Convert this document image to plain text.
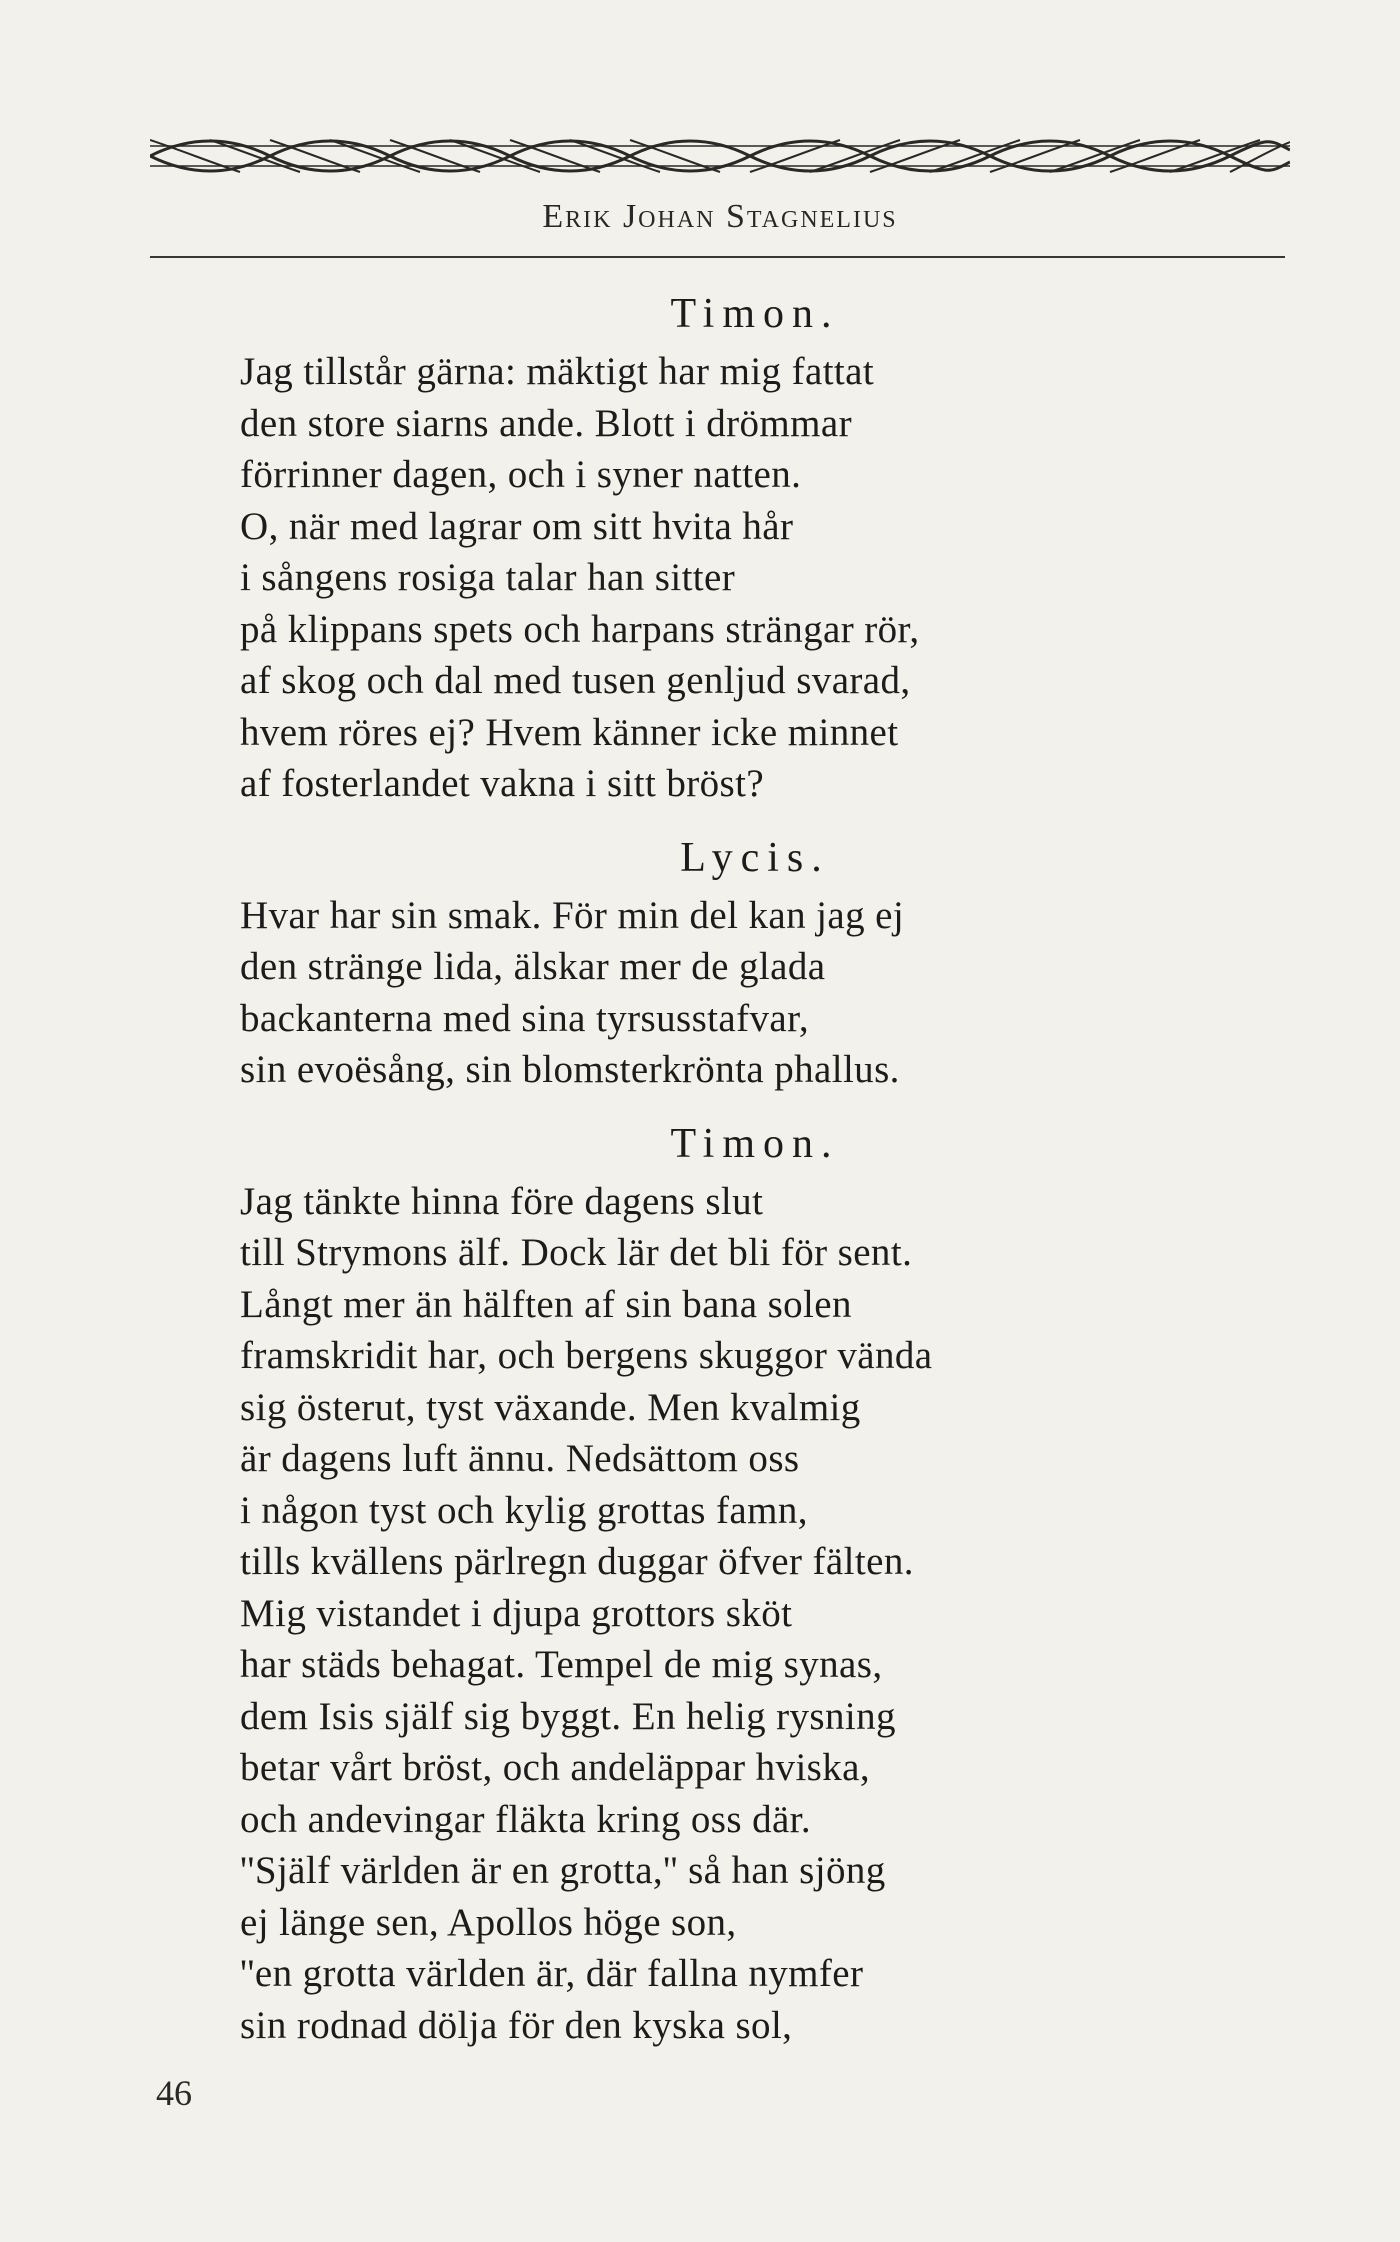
Erik Johan Stagnelius
Timon.
Jag tillstår gärna: mäktigt har mig fattat
den store siarns ande. Blott i drömmar
förrinner dagen, och i syner natten.
O, när med lagrar om sitt hvita hår
i sångens rosiga talar han sitter
på klippans spets och harpans strängar rör,
af skog och dal med tusen genljud svarad,
hvem röres ej? Hvem känner icke minnet
af fosterlandet vakna i sitt bröst?
Lycis.
Hvar har sin smak. För min del kan jag ej
den stränge lida, älskar mer de glada
backanterna med sina tyrsusstafvar,
sin evoësång, sin blomsterkrönta phallus.
Timon.
Jag tänkte hinna före dagens slut
till Strymons älf. Dock lär det bli för sent.
Långt mer än hälften af sin bana solen
framskridit har, och bergens skuggor vända
sig österut, tyst växande. Men kvalmig
är dagens luft ännu. Nedsättom oss
i någon tyst och kylig grottas famn,
tills kvällens pärlregn duggar öfver fälten.
Mig vistandet i djupa grottors sköt
har städs behagat. Tempel de mig synas,
dem Isis själf sig byggt. En helig rysning
betar vårt bröst, och andeläppar hviska,
och andevingar fläkta kring oss där.
''Själf världen är en grotta,'' så han sjöng
ej länge sen, Apollos höge son,
''en grotta världen är, där fallna nymfer
sin rodnad dölja för den kyska sol,
46
